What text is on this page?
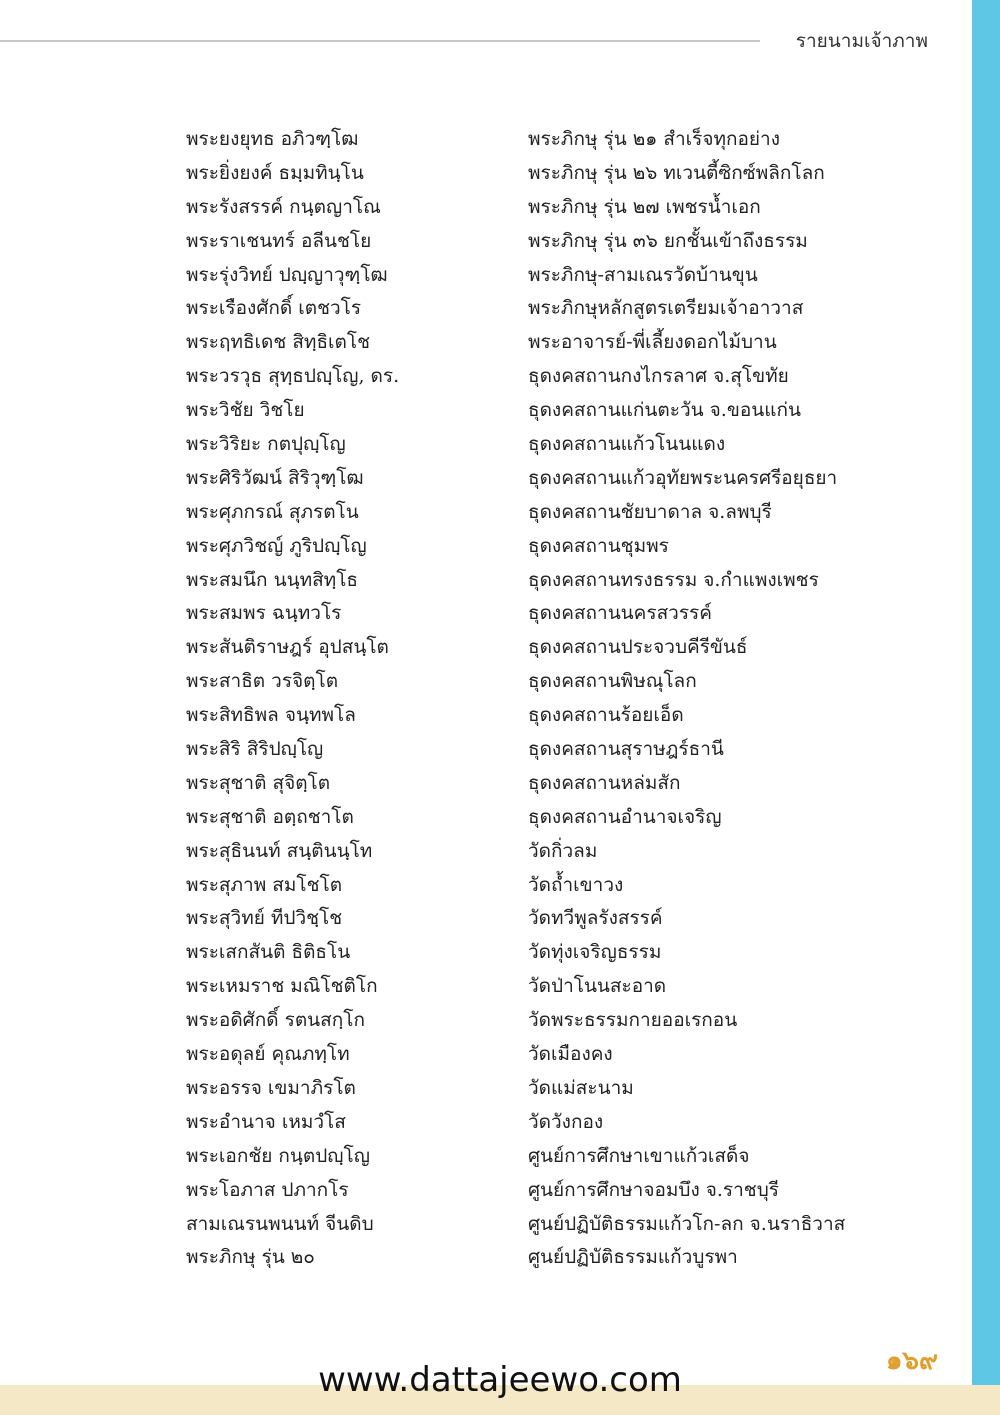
รายนามเจ้าภาพ
พระยงยุทธ อภิวฑฺโฒ
พระยิ่งยงค์ ธมฺมทินฺโน
พระรังสรรค์ กนฺตญาโณ
พระราเชนทร์ อลีนชโย
พระรุ่งวิทย์ ปญฺญาวุฑฺโฒ
พระเรืองศักดิ์ เตชวโร
พระฤทธิเดช สิทฺธิเตโช
พระวรวุธ สุทฺธปญฺโญ, ดร.
พระวิชัย วิชโย
พระวิริยะ กตปุญฺโญ
พระศิริวัฒน์ สิริวุฑฺโฒ
พระศุภกรณ์ สุภรตโน
พระศุภวิชญ์ ภูริปญฺโญ
พระสมนึก นนฺทสิทฺโธ
พระสมพร ฉนฺทวโร
พระสันติราษฎร์ อุปสนฺโต
พระสาธิต วรจิตฺโต
พระสิทธิพล จนฺทพโล
พระสิริ สิริปญฺโญ
พระสุชาติ สุจิตฺโต
พระสุชาติ อตฺถชาโต
พระสุธินนท์ สนฺตินนฺโท
พระสุภาพ สมโชโต
พระสุวิทย์ ทีปวิชฺโช
พระเสกสันติ ธิติธโน
พระเหมราช มณิโชติโก
พระอดิศักดิ์ รตนสกฺโก
พระอดุลย์ คุณภทฺโท
พระอรรจ เขมาภิรโต
พระอำนาจ เหมวํโส
พระเอกชัย กนฺตปญฺโญ
พระโอภาส ปภากโร
สามเณรนพนนท์ จีนดิบ
พระภิกษุ รุ่น ๒๐
พระภิกษุ รุ่น ๒๑ สำเร็จทุกอย่าง
พระภิกษุ รุ่น ๒๖ ทเวนตี้ซิกซ์พลิกโลก
พระภิกษุ รุ่น ๒๗ เพชรน้ำเอก
พระภิกษุ รุ่น ๓๖ ยกชั้นเข้าถึงธรรม
พระภิกษุ-สามเณรวัดบ้านขุน
พระภิกษุหลักสูตรเตรียมเจ้าอาวาส
พระอาจารย์-พี่เลี้ยงดอกไม้บาน
ธุดงคสถานกงไกรลาศ จ.สุโขทัย
ธุดงคสถานแก่นตะวัน จ.ขอนแก่น
ธุดงคสถานแก้วโนนแดง
ธุดงคสถานแก้วอุทัยพระนครศรีอยุธยา
ธุดงคสถานชัยบาดาล จ.ลพบุรี
ธุดงคสถานชุมพร
ธุดงคสถานทรงธรรม จ.กำแพงเพชร
ธุดงคสถานนครสวรรค์
ธุดงคสถานประจวบคีรีขันธ์
ธุดงคสถานพิษณุโลก
ธุดงคสถานร้อยเอ็ด
ธุดงคสถานสุราษฎร์ธานี
ธุดงคสถานหล่มสัก
ธุดงคสถานอำนาจเจริญ
วัดกิ่วลม
วัดถ้ำเขาวง
วัดทวีพูลรังสรรค์
วัดทุ่งเจริญธรรม
วัดป่าโนนสะอาด
วัดพระธรรมกายออเรกอน
วัดเมืองคง
วัดแม่สะนาม
วัดวังกอง
ศูนย์การศึกษาเขาแก้วเสด็จ
ศูนย์การศึกษาจอมบึง จ.ราชบุรี
ศูนย์ปฏิบัติธรรมแก้วโก-ลก จ.นราธิวาส
ศูนย์ปฏิบัติธรรมแก้วบูรพา
๑๖๙
www.dattajeewo.com
